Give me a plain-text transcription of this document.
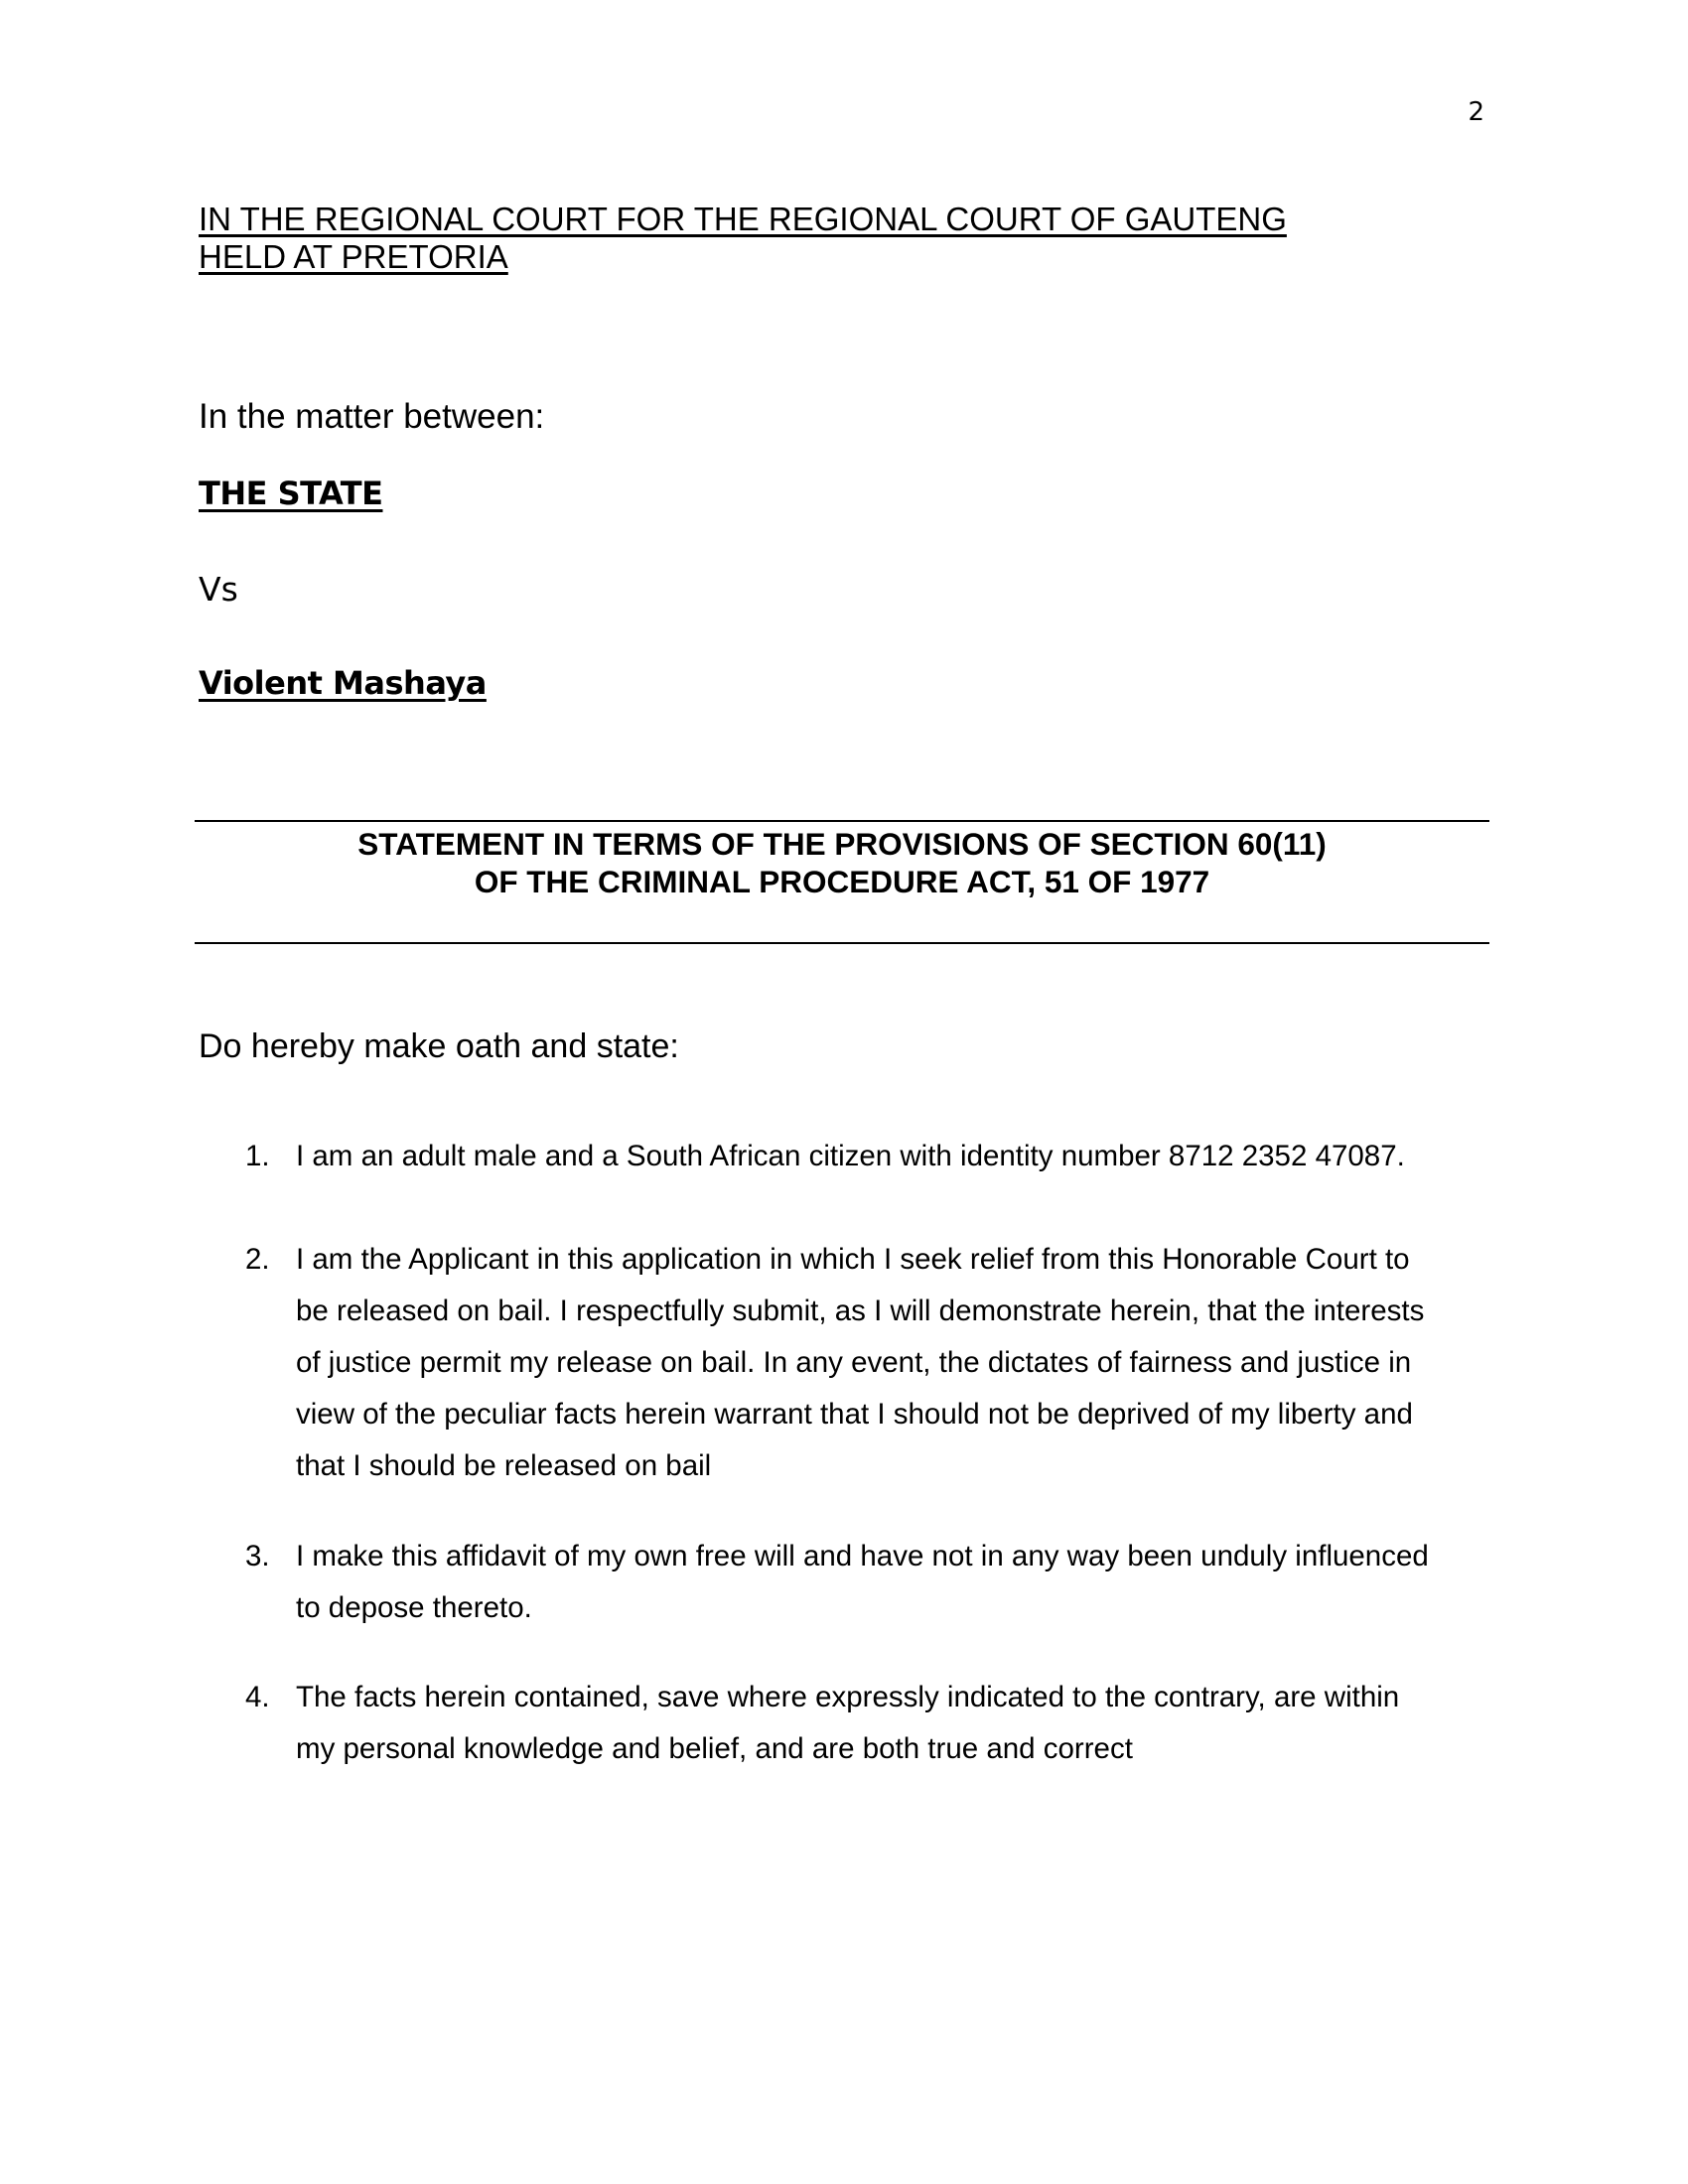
2
IN THE REGIONAL COURT FOR THE REGIONAL COURT OF GAUTENG
HELD AT PRETORIA
In the matter between:
THE STATE
Vs
Violent Mashaya
STATEMENT IN TERMS OF THE PROVISIONS OF SECTION 60(11)
OF THE CRIMINAL PROCEDURE ACT, 51 OF 1977
Do hereby make oath and state:
1. I am an adult male and a South African citizen with identity number 8712 2352 47087.
2. I am the Applicant in this application in which I seek relief from this Honorable Court to
be released on bail. I respectfully submit, as I will demonstrate herein, that the interests
of justice permit my release on bail. In any event, the dictates of fairness and justice in
view of the peculiar facts herein warrant that I should not be deprived of my liberty and
that I should be released on bail
3. I make this affidavit of my own free will and have not in any way been unduly influenced
to depose thereto.
4. The facts herein contained, save where expressly indicated to the contrary, are within
my personal knowledge and belief, and are both true and correct
